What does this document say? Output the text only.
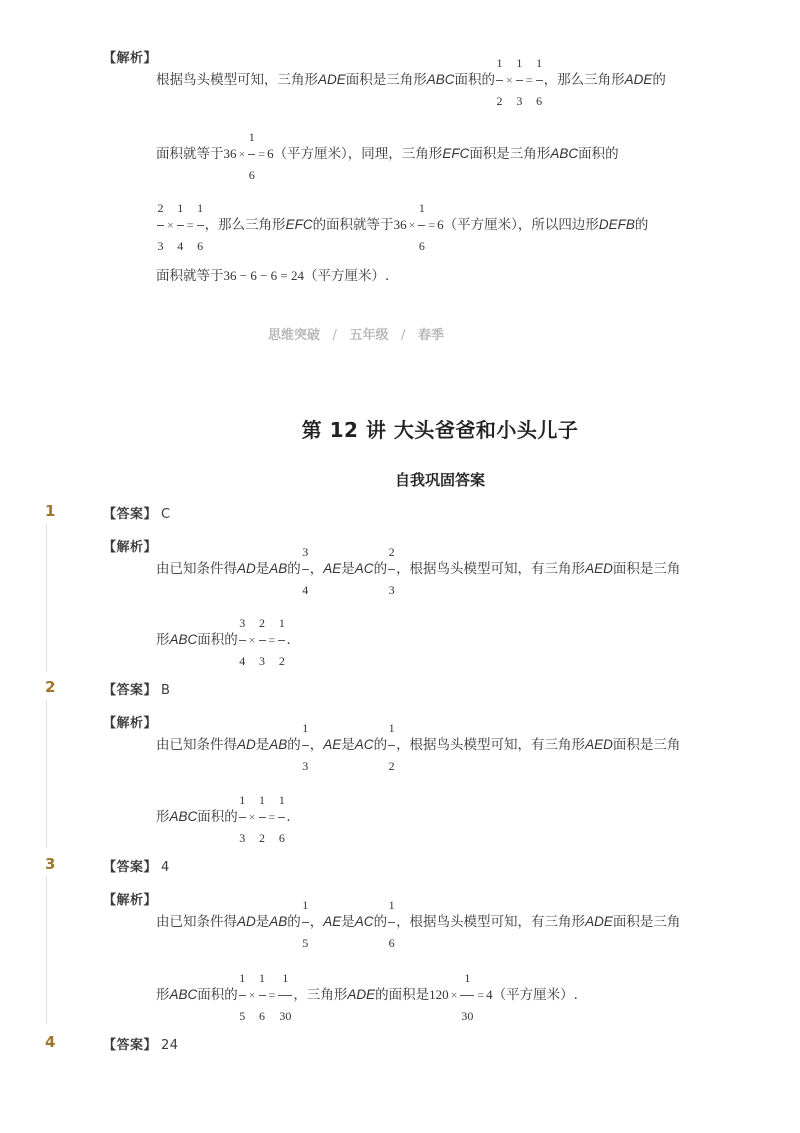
【解析】
根据鸟头模型可知，三角形ADE面积是三角形ABC面积的 $\frac{1}{2} \times \frac{1}{3} = \frac{1}{6}$ ，那么三角形ADE的
面积就等于$36 \times \frac{1}{6} = 6$（平方厘米），同理，三角形EFC面积是三角形ABC面积的
$\frac{2}{3} \times \frac{1}{4} = \frac{1}{6}$ ，那么三角形EFC的面积就等于$36 \times \frac{1}{6} = 6$（平方厘米），所以四边形DEFB的
面积就等于36 − 6 − 6 = 24（平方厘米）.
思维突破 / 五年级 / 春季
第 12 讲 大头爸爸和小头儿子
自我巩固答案
1	【答案】 C
【解析】
由已知条件得AD是AB的 $\frac{3}{4}$ ，AE是AC的 $\frac{2}{3}$ ，根据鸟头模型可知，有三角形AED面积是三角
形ABC面积的 $\frac{3}{4} \times \frac{2}{3} = \frac{1}{2}$ .
2	【答案】 B
【解析】
由已知条件得AD是AB的 $\frac{1}{3}$ ，AE是AC的 $\frac{1}{2}$ ，根据鸟头模型可知，有三角形AED面积是三角
形ABC面积的 $\frac{1}{3} \times \frac{1}{2} = \frac{1}{6}$ .
3	【答案】 4
【解析】
由已知条件得AD是AB的 $\frac{1}{5}$ ，AE是AC的 $\frac{1}{6}$ ，根据鸟头模型可知，有三角形ADE面积是三角
形ABC面积的 $\frac{1}{5} \times \frac{1}{6} = \frac{1}{30}$ ，三角形ADE的面积是$120 \times \frac{1}{30} = 4$（平方厘米）.
4	【答案】 24
